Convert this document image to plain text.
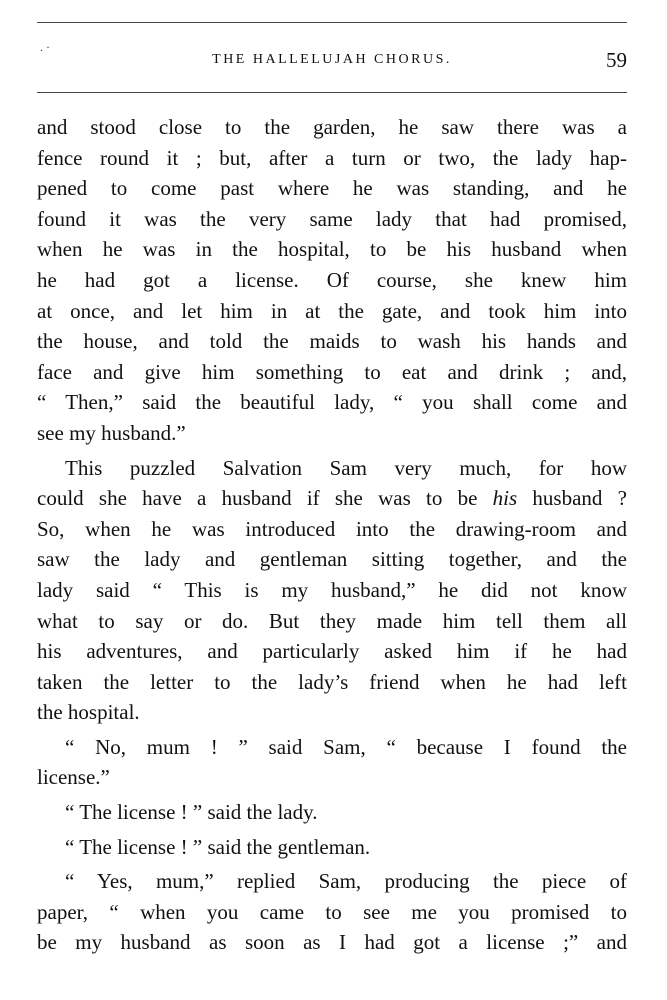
. ·
THE HALLELUJAH CHORUS.	59
and stood close to the garden, he saw there was a
fence round it ; but, after a turn or two, the lady hap-
pened to come past where he was standing, and he
found it was the very same lady that had promised,
when he was in the hospital, to be his husband when
he had got a license. Of course, she knew him
at once, and let him in at the gate, and took him into
the house, and told the maids to wash his hands and
face and give him something to eat and drink ; and,
“ Then,” said the beautiful lady, “ you shall come and
see my husband.”
This puzzled Salvation Sam very much, for how
could she have a husband if she was to be his husband ?
So, when he was introduced into the drawing-room and
saw the lady and gentleman sitting together, and the
lady said “ This is my husband,” he did not know
what to say or do. But they made him tell them all
his adventures, and particularly asked him if he had
taken the letter to the lady’s friend when he had left
the hospital.
“ No, mum ! ” said Sam, “ because I found the
license.”
“ The license ! ” said the lady.
“ The license ! ” said the gentleman.
“ Yes, mum,” replied Sam, producing the piece of
paper, “ when you came to see me you promised to
be my husband as soon as I had got a license ;” and
